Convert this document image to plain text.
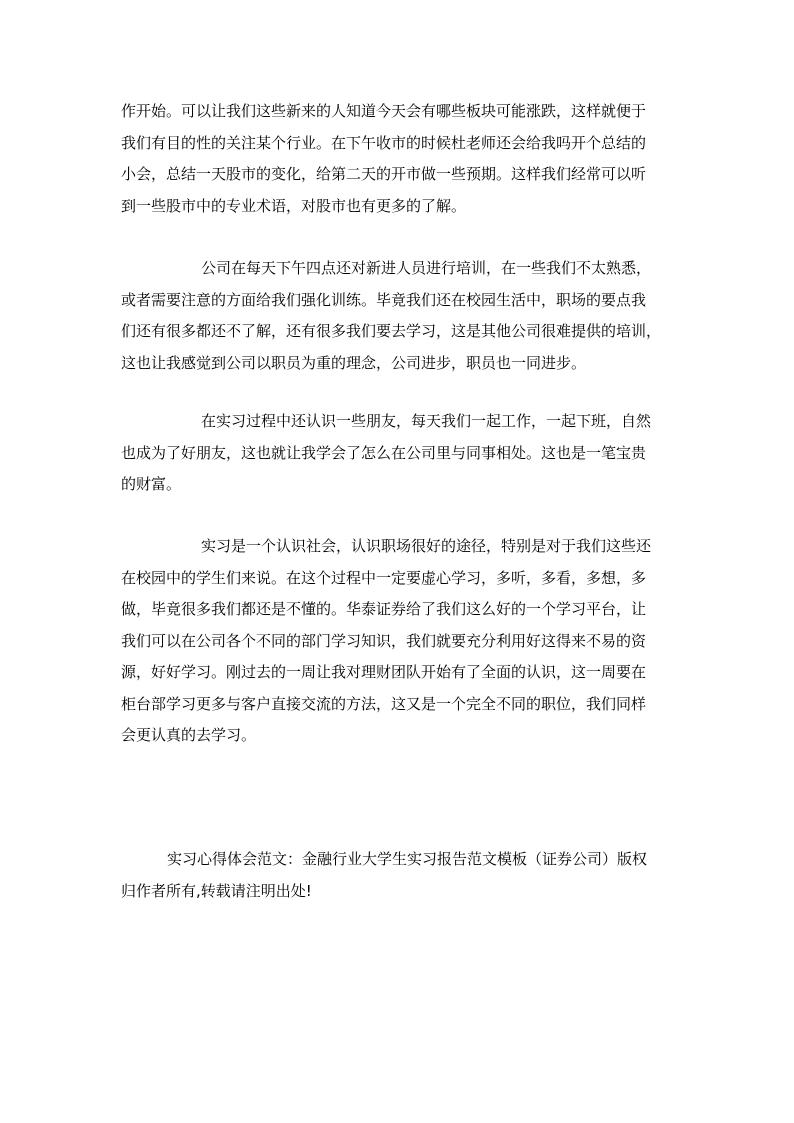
作开始。可以让我们这些新来的人知道今天会有哪些板块可能涨跌，这样就便于
我们有目的性的关注某个行业。在下午收市的时候杜老师还会给我吗开个总结的
小会，总结一天股市的变化，给第二天的开市做一些预期。这样我们经常可以听
到一些股市中的专业术语，对股市也有更多的了解。
公司在每天下午四点还对新进人员进行培训，在一些我们不太熟悉，
或者需要注意的方面给我们强化训练。毕竟我们还在校园生活中，职场的要点我
们还有很多都还不了解，还有很多我们要去学习，这是其他公司很难提供的培训，
这也让我感觉到公司以职员为重的理念，公司进步，职员也一同进步。
在实习过程中还认识一些朋友，每天我们一起工作，一起下班，自然
也成为了好朋友，这也就让我学会了怎么在公司里与同事相处。这也是一笔宝贵
的财富。
实习是一个认识社会，认识职场很好的途径，特别是对于我们这些还
在校园中的学生们来说。在这个过程中一定要虚心学习，多听，多看，多想，多
做，毕竟很多我们都还是不懂的。华泰证券给了我们这么好的一个学习平台，让
我们可以在公司各个不同的部门学习知识，我们就要充分利用好这得来不易的资
源，好好学习。刚过去的一周让我对理财团队开始有了全面的认识，这一周要在
柜台部学习更多与客户直接交流的方法，这又是一个完全不同的职位，我们同样
会更认真的去学习。
实习心得体会范文：金融行业大学生实习报告范文模板（证券公司）版权
归作者所有,转载请注明出处!
